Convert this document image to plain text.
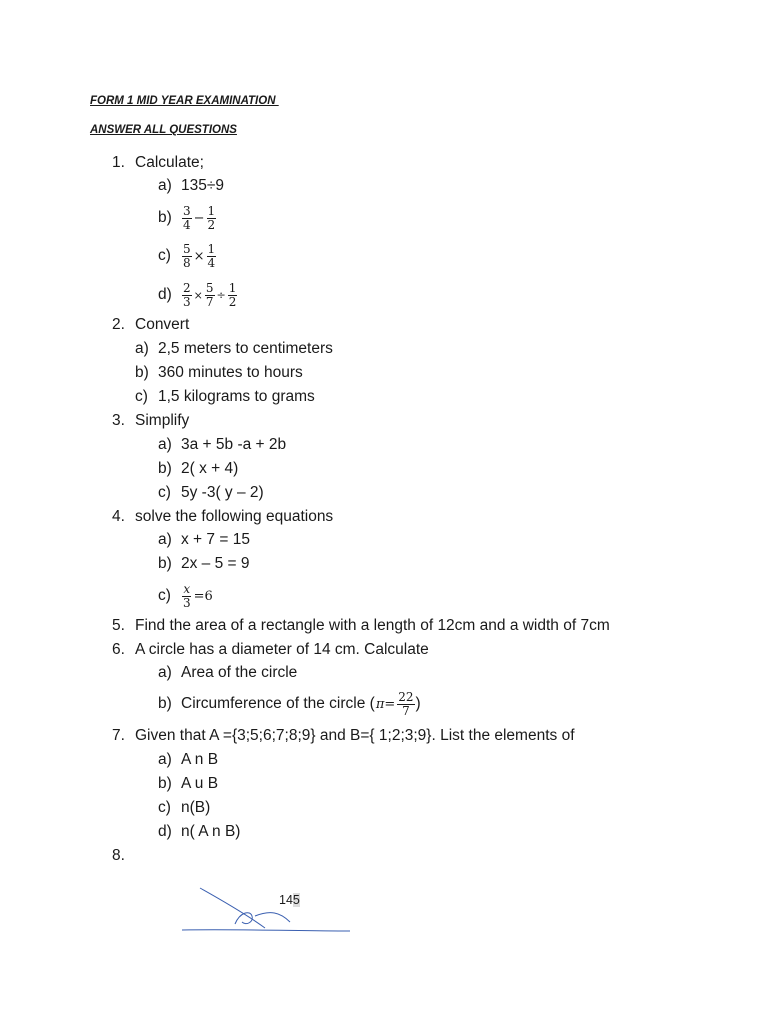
FORM 1 MID YEAR EXAMINATION
ANSWER ALL QUESTIONS
1. Calculate;
a) 135÷9
$b) \frac{3}{4} - \frac{1}{2}$
$c) \frac{5}{8} \times \frac{1}{4}$
$d) \frac{2}{3} \times \frac{5}{7} \div \frac{1}{2}$
2. Convert
a) 2,5 meters to centimeters
b) 360 minutes to hours
c) 1,5 kilograms to grams
3. Simplify
a) 3a + 5b -a + 2b
b) 2( x + 4)
c) 5y -3( y – 2)
4. solve the following equations
a) x + 7 = 15
b) 2x – 5 = 9
$c) \frac{x}{3} =6$
5. Find the area of a rectangle with a length of 12cm and a width of 7cm
6. A circle has a diameter of 14 cm. Calculate
a) Area of the circle
b) Circumference of the circle ( $\pi= \frac{22}{7}$ )
7. Given that A ={3;5;6;7;8;9} and B={ 1;2;3;9}. List the elements of
a) A n B
b) A u B
c) n(B)
d) n( A n B)
8.
145
